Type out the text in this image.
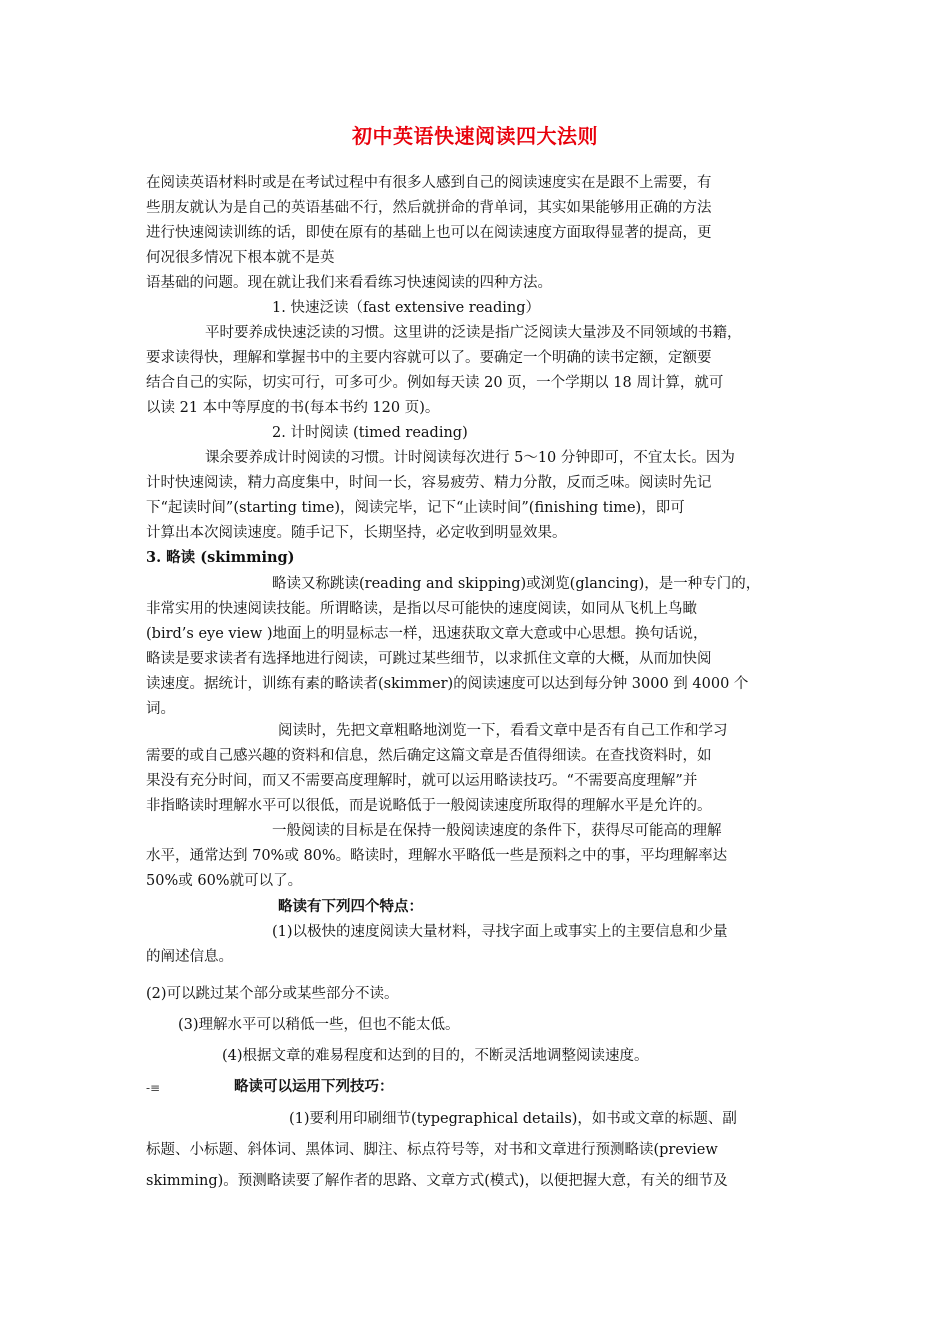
初中英语快速阅读四大法则
在阅读英语材料时或是在考试过程中有很多人感到自己的阅读速度实在是跟不上需要，有
些朋友就认为是自己的英语基础不行，然后就拼命的背单词，其实如果能够用正确的方法
进行快速阅读训练的话，即使在原有的基础上也可以在阅读速度方面取得显著的提高，更
何况很多情况下根本就不是英
语基础的问题。现在就让我们来看看练习快速阅读的四种方法。
1. 快速泛读（fast extensive reading）
平时要养成快速泛读的习惯。这里讲的泛读是指广泛阅读大量涉及不同领域的书籍，
要求读得快，理解和掌握书中的主要内容就可以了。要确定一个明确的读书定额，定额要
结合自己的实际，切实可行，可多可少。例如每天读 20 页，一个学期以 18 周计算，就可
以读 21 本中等厚度的书(每本书约 120 页)。
2. 计时阅读 (timed reading)
课余要养成计时阅读的习惯。计时阅读每次进行 5～10 分钟即可，不宜太长。因为
计时快速阅读，精力高度集中，时间一长，容易疲劳、精力分散，反而乏味。阅读时先记
下“起读时间”(starting time)，阅读完毕，记下“止读时间”(finishing time)，即可
计算出本次阅读速度。随手记下，长期坚持，必定收到明显效果。
3. 略读 (skimming)
略读又称跳读(reading and skipping)或浏览(glancing)，是一种专门的，
非常实用的快速阅读技能。所谓略读，是指以尽可能快的速度阅读，如同从飞机上鸟瞰
(bird’s eye view )地面上的明显标志一样，迅速获取文章大意或中心思想。换句话说，
略读是要求读者有选择地进行阅读，可跳过某些细节，以求抓住文章的大概，从而加快阅
读速度。据统计，训练有素的略读者(skimmer)的阅读速度可以达到每分钟 3000 到 4000 个
词。
阅读时，先把文章粗略地浏览一下，看看文章中是否有自己工作和学习
需要的或自己感兴趣的资料和信息，然后确定这篇文章是否值得细读。在查找资料时，如
果没有充分时间，而又不需要高度理解时，就可以运用略读技巧。“不需要高度理解”并
非指略读时理解水平可以很低，而是说略低于一般阅读速度所取得的理解水平是允许的。
一般阅读的目标是在保持一般阅读速度的条件下，获得尽可能高的理解
水平，通常达到 70%或 80%。略读时，理解水平略低一些是预料之中的事，平均理解率达
50%或 60%就可以了。
略读有下列四个特点：
(1)以极快的速度阅读大量材料，寻找字面上或事实上的主要信息和少量
的阐述信息。
(2)可以跳过某个部分或某些部分不读。
(3)理解水平可以稍低一些，但也不能太低。
(4)根据文章的难易程度和达到的目的，不断灵活地调整阅读速度。
-≡	略读可以运用下列技巧：
(1)要利用印刷细节(typegraphical details)，如书或文章的标题、副
标题、小标题、斜体词、黑体词、脚注、标点符号等，对书和文章进行预测略读(preview
skimming)。预测略读要了解作者的思路、文章方式(模式)，以便把握大意，有关的细节及
